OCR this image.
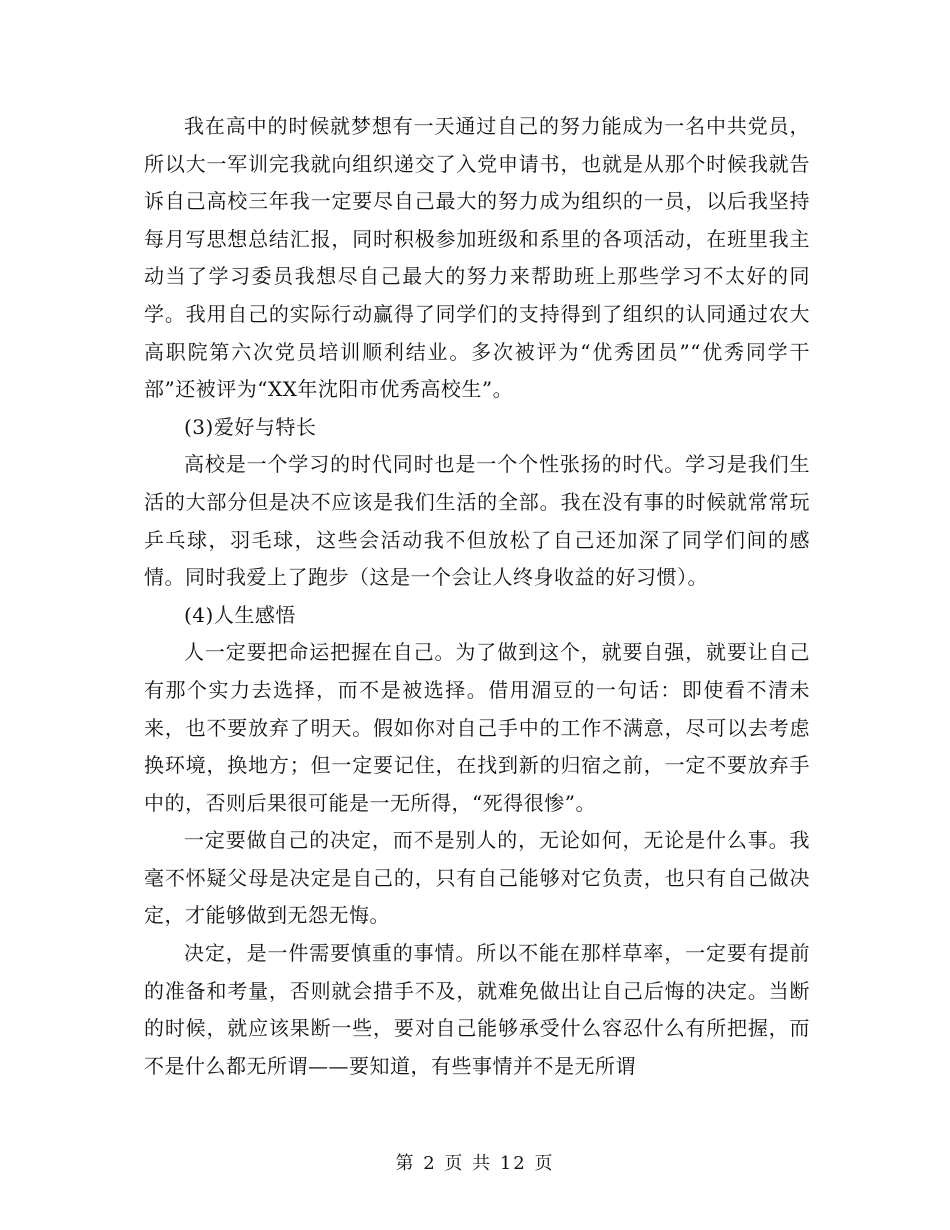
我在高中的时候就梦想有一天通过自己的努力能成为一名中共党员，所以大一军训完我就向组织递交了入党申请书，也就是从那个时候我就告诉自己高校三年我一定要尽自己最大的努力成为组织的一员，以后我坚持每月写思想总结汇报，同时积极参加班级和系里的各项活动，在班里我主动当了学习委员我想尽自己最大的努力来帮助班上那些学习不太好的同学。我用自己的实际行动赢得了同学们的支持得到了组织的认同通过农大高职院第六次党员培训顺利结业。多次被评为“优秀团员”“优秀同学干部”还被评为“XX年沈阳市优秀高校生”。

(3)爱好与特长

高校是一个学习的时代同时也是一个个性张扬的时代。学习是我们生活的大部分但是决不应该是我们生活的全部。我在没有事的时候就常常玩乒乓球，羽毛球，这些会活动我不但放松了自己还加深了同学们间的感情。同时我爱上了跑步（这是一个会让人终身收益的好习惯）。

(4)人生感悟

人一定要把命运把握在自己。为了做到这个，就要自强，就要让自己有那个实力去选择，而不是被选择。借用湄豆的一句话：即使看不清未来，也不要放弃了明天。假如你对自己手中的工作不满意，尽可以去考虑换环境，换地方；但一定要记住，在找到新的归宿之前，一定不要放弃手中的，否则后果很可能是一无所得，“死得很惨”。

一定要做自己的决定，而不是别人的，无论如何，无论是什么事。我毫不怀疑父母是决定是自己的，只有自己能够对它负责，也只有自己做决定，才能够做到无怨无悔。

决定，是一件需要慎重的事情。所以不能在那样草率，一定要有提前的准备和考量，否则就会措手不及，就难免做出让自己后悔的决定。当断的时候，就应该果断一些，要对自己能够承受什么容忍什么有所把握，而不是什么都无所谓——要知道，有些事情并不是无所谓

第 2 页 共 12 页
